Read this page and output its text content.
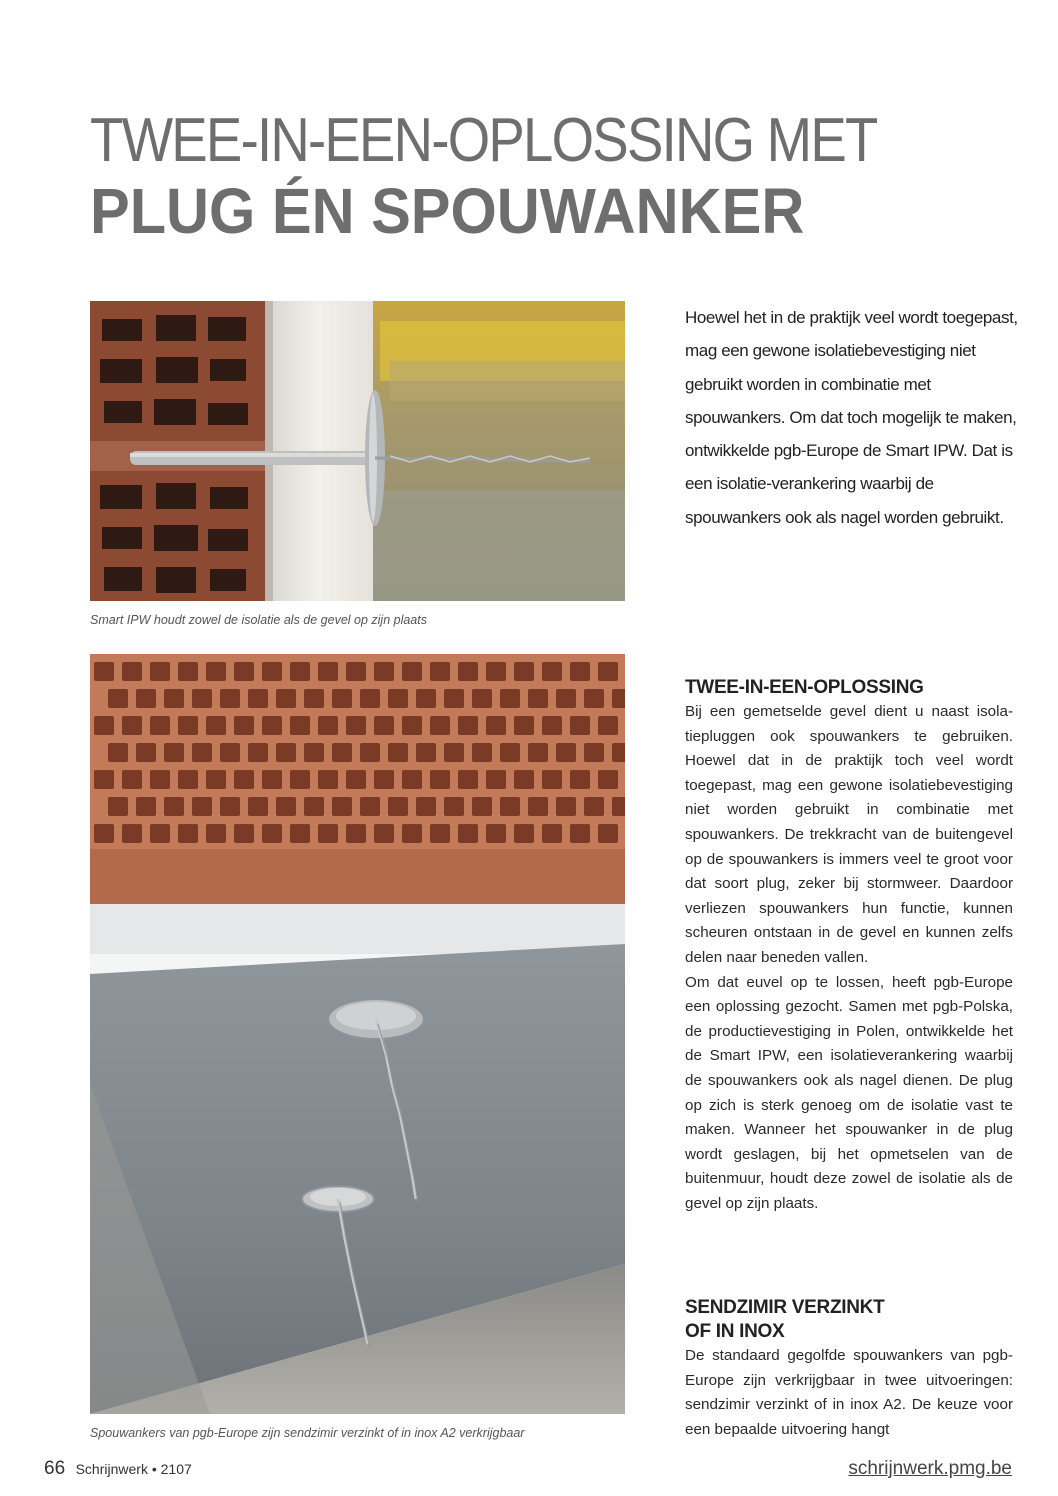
TWEE-IN-EEN-OPLOSSING MET
PLUG ÉN SPOUWANKER

Smart IPW houdt zowel de isolatie als de gevel op zijn plaats

Spouwankers van pgb-Europe zijn sendzimir verzinkt of in inox A2 verkrijgbaar

Hoewel het in de praktijk veel wordt toegepast, mag een gewone isolatiebevestiging niet gebruikt worden in combinatie met spouwankers. Om dat toch mogelijk te maken, ontwikkelde pgb-Europe de Smart IPW. Dat is een isolatie-verankering waarbij de spouwankers ook als nagel worden gebruikt.

TWEE-IN-EEN-OPLOSSING

Bij een gemetselde gevel dient u naast isolatiepluggen ook spouwankers te gebruiken. Hoewel dat in de praktijk toch veel wordt toegepast, mag een gewone isolatiebevestiging niet worden gebruikt in combinatie met spouwankers. De trekkracht van de buitengevel op de spouwankers is immers veel te groot voor dat soort plug, zeker bij stormweer. Daardoor verliezen spouwankers hun functie, kunnen scheuren ontstaan in de gevel en kunnen zelfs delen naar beneden vallen.

Om dat euvel op te lossen, heeft pgb-Europe een oplossing gezocht. Samen met pgb-Polska, de productievestiging in Polen, ontwikkelde het de Smart IPW, een isolatieverankering waarbij de spouwankers ook als nagel dienen. De plug op zich is sterk genoeg om de isolatie vast te maken. Wanneer het spouwanker in de plug wordt geslagen, bij het opmetselen van de buitenmuur, houdt deze zowel de isolatie als de gevel op zijn plaats.

SENDZIMIR VERZINKT OF IN INOX

De standaard gegolfde spouwankers van pgb-Europe zijn verkrijgbaar in twee uitvoeringen: sendzimir verzinkt of in inox A2. De keuze voor een bepaalde uitvoering hangt

66 Schrijnwerk • 2107	schrijnwerk.pmg.be
